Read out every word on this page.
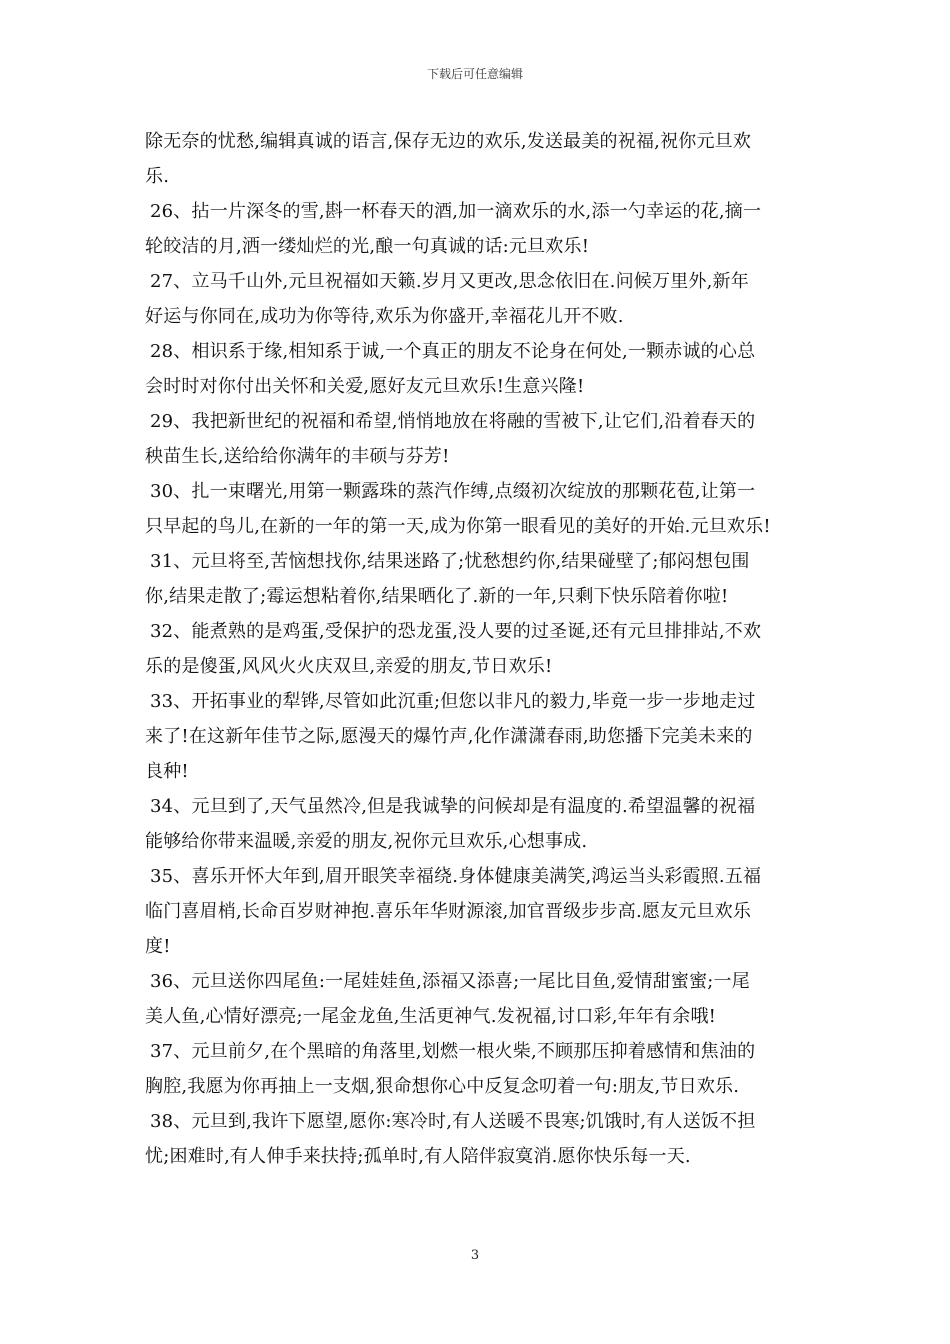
下载后可任意编辑
除无奈的忧愁,编辑真诚的语言,保存无边的欢乐,发送最美的祝福,祝你元旦欢
乐.
26、拈一片深冬的雪,斟一杯春天的酒,加一滴欢乐的水,添一勺幸运的花,摘一
轮皎洁的月,洒一缕灿烂的光,酿一句真诚的话:元旦欢乐!
27、立马千山外,元旦祝福如天籁.岁月又更改,思念依旧在.问候万里外,新年
好运与你同在,成功为你等待,欢乐为你盛开,幸福花儿开不败.
28、相识系于缘,相知系于诚,一个真正的朋友不论身在何处,一颗赤诚的心总
会时时对你付出关怀和关爱,愿好友元旦欢乐!生意兴隆!
29、我把新世纪的祝福和希望,悄悄地放在将融的雪被下,让它们,沿着春天的
秧苗生长,送给给你满年的丰硕与芬芳!
30、扎一束曙光,用第一颗露珠的蒸汽作缚,点缀初次绽放的那颗花苞,让第一
只早起的鸟儿,在新的一年的第一天,成为你第一眼看见的美好的开始.元旦欢乐!
31、元旦将至,苦恼想找你,结果迷路了;忧愁想约你,结果碰壁了;郁闷想包围
你,结果走散了;霉运想粘着你,结果晒化了.新的一年,只剩下快乐陪着你啦!
32、能煮熟的是鸡蛋,受保护的恐龙蛋,没人要的过圣诞,还有元旦排排站,不欢
乐的是傻蛋,风风火火庆双旦,亲爱的朋友,节日欢乐!
33、开拓事业的犁铧,尽管如此沉重;但您以非凡的毅力,毕竟一步一步地走过
来了!在这新年佳节之际,愿漫天的爆竹声,化作潇潇春雨,助您播下完美未来的
良种!
34、元旦到了,天气虽然冷,但是我诚挚的问候却是有温度的.希望温馨的祝福
能够给你带来温暖,亲爱的朋友,祝你元旦欢乐,心想事成.
35、喜乐开怀大年到,眉开眼笑幸福绕.身体健康美满笑,鸿运当头彩霞照.五福
临门喜眉梢,长命百岁财神抱.喜乐年华财源滚,加官晋级步步高.愿友元旦欢乐
度!
36、元旦送你四尾鱼:一尾娃娃鱼,添福又添喜;一尾比目鱼,爱情甜蜜蜜;一尾
美人鱼,心情好漂亮;一尾金龙鱼,生活更神气.发祝福,讨口彩,年年有余哦!
37、元旦前夕,在个黑暗的角落里,划燃一根火柴,不顾那压抑着感情和焦油的
胸腔,我愿为你再抽上一支烟,狠命想你心中反复念叨着一句:朋友,节日欢乐.
38、元旦到,我许下愿望,愿你:寒冷时,有人送暖不畏寒;饥饿时,有人送饭不担
忧;困难时,有人伸手来扶持;孤单时,有人陪伴寂寞消.愿你快乐每一天.
3
